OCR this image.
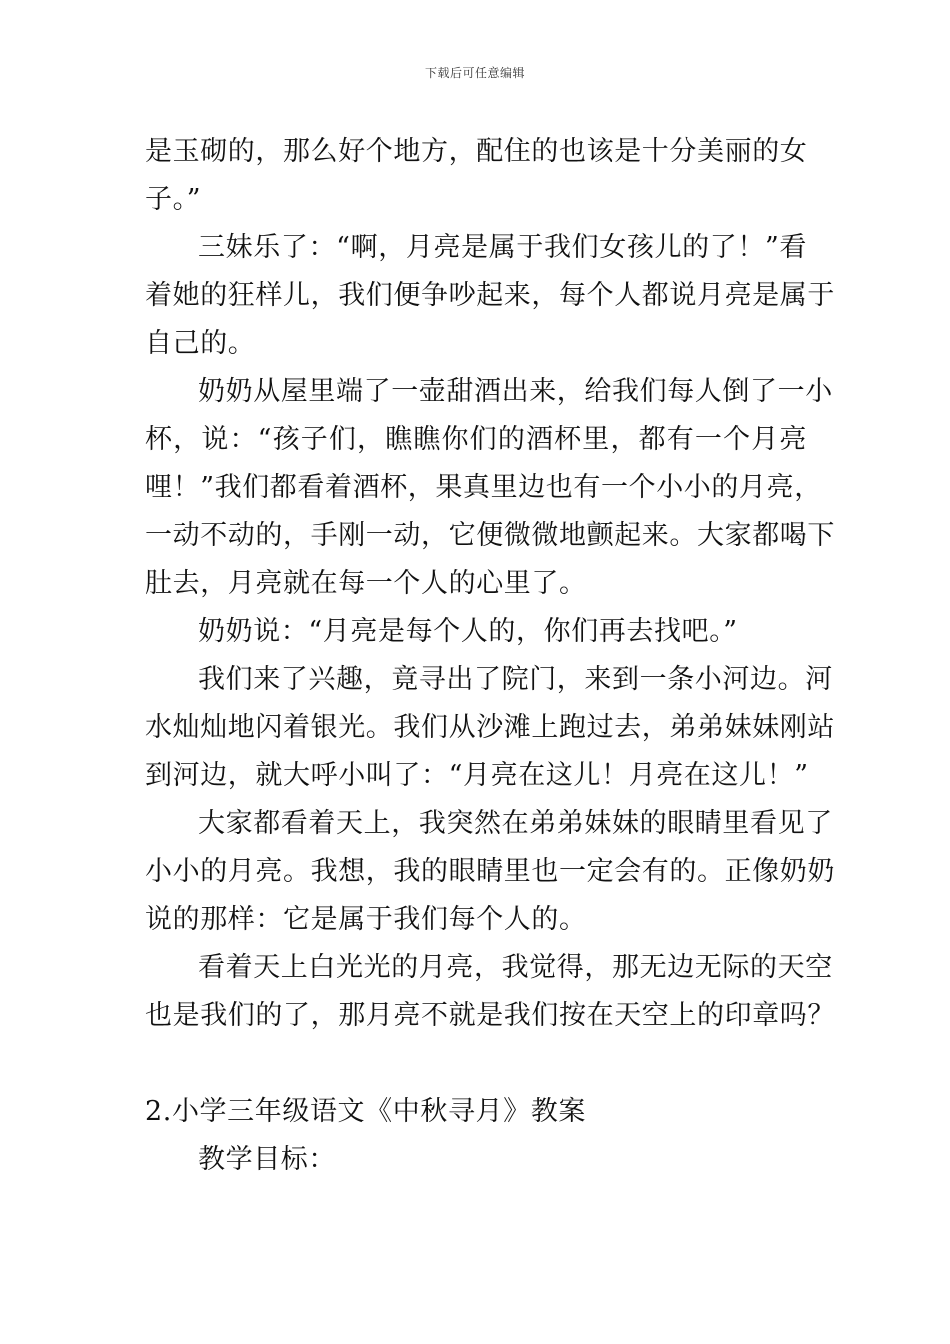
下载后可任意编辑
是玉砌的，那么好个地方，配住的也该是十分美丽的女
子。”
三妹乐了：“啊，月亮是属于我们女孩儿的了！”看
着她的狂样儿，我们便争吵起来，每个人都说月亮是属于
自己的。
奶奶从屋里端了一壶甜酒出来，给我们每人倒了一小
杯，说：“孩子们，瞧瞧你们的酒杯里，都有一个月亮
哩！”我们都看着酒杯，果真里边也有一个小小的月亮，
一动不动的，手刚一动，它便微微地颤起来。大家都喝下
肚去，月亮就在每一个人的心里了。
奶奶说：“月亮是每个人的，你们再去找吧。”
我们来了兴趣，竟寻出了院门，来到一条小河边。河
水灿灿地闪着银光。我们从沙滩上跑过去，弟弟妹妹刚站
到河边，就大呼小叫了：“月亮在这儿！月亮在这儿！”
大家都看着天上，我突然在弟弟妹妹的眼睛里看见了
小小的月亮。我想，我的眼睛里也一定会有的。正像奶奶
说的那样：它是属于我们每个人的。
看着天上白光光的月亮，我觉得，那无边无际的天空
也是我们的了，那月亮不就是我们按在天空上的印章吗？
2.小学三年级语文《中秋寻月》教案
教学目标：
